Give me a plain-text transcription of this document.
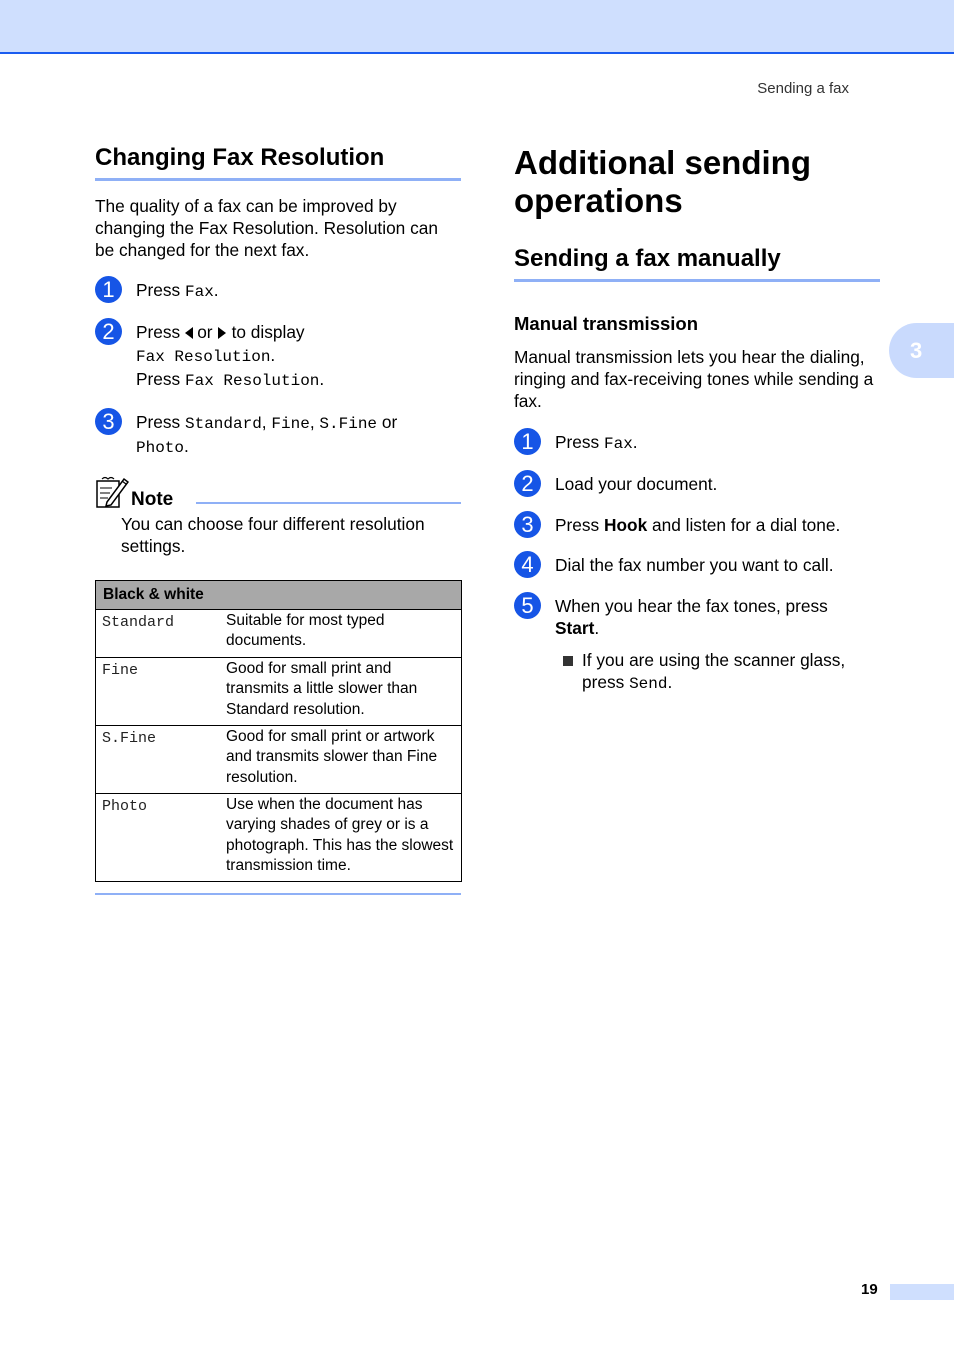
Sending a fax
3
Changing Fax Resolution

The quality of a fax can be improved by changing the Fax Resolution. Resolution can be changed for the next fax.

1	Press Fax.
2	Press or to display
Fax Resolution.
Press Fax Resolution.
3	Press Standard, Fine, S.Fine or
Photo.
Note
You can choose four different resolution settings.
Black & white	
Standard	Suitable for most typed documents.
Fine	Good for small print and transmits a little slower than Standard resolution.
S.Fine	Good for small print or artwork and transmits slower than Fine resolution.
Photo	Use when the document has varying shades of grey or is a photograph. This has the slowest transmission time.
Additional sending
operations
Sending a fax manually
Manual transmission

Manual transmission lets you hear the dialing, ringing and fax-receiving tones while sending a fax.

1	Press Fax.
2	Load your document.
3	Press Hook and listen for a dial tone.
4	Dial the fax number you want to call.
5	When you hear the fax tones, press
Start.
If you are using the scanner glass, press Send.
19
